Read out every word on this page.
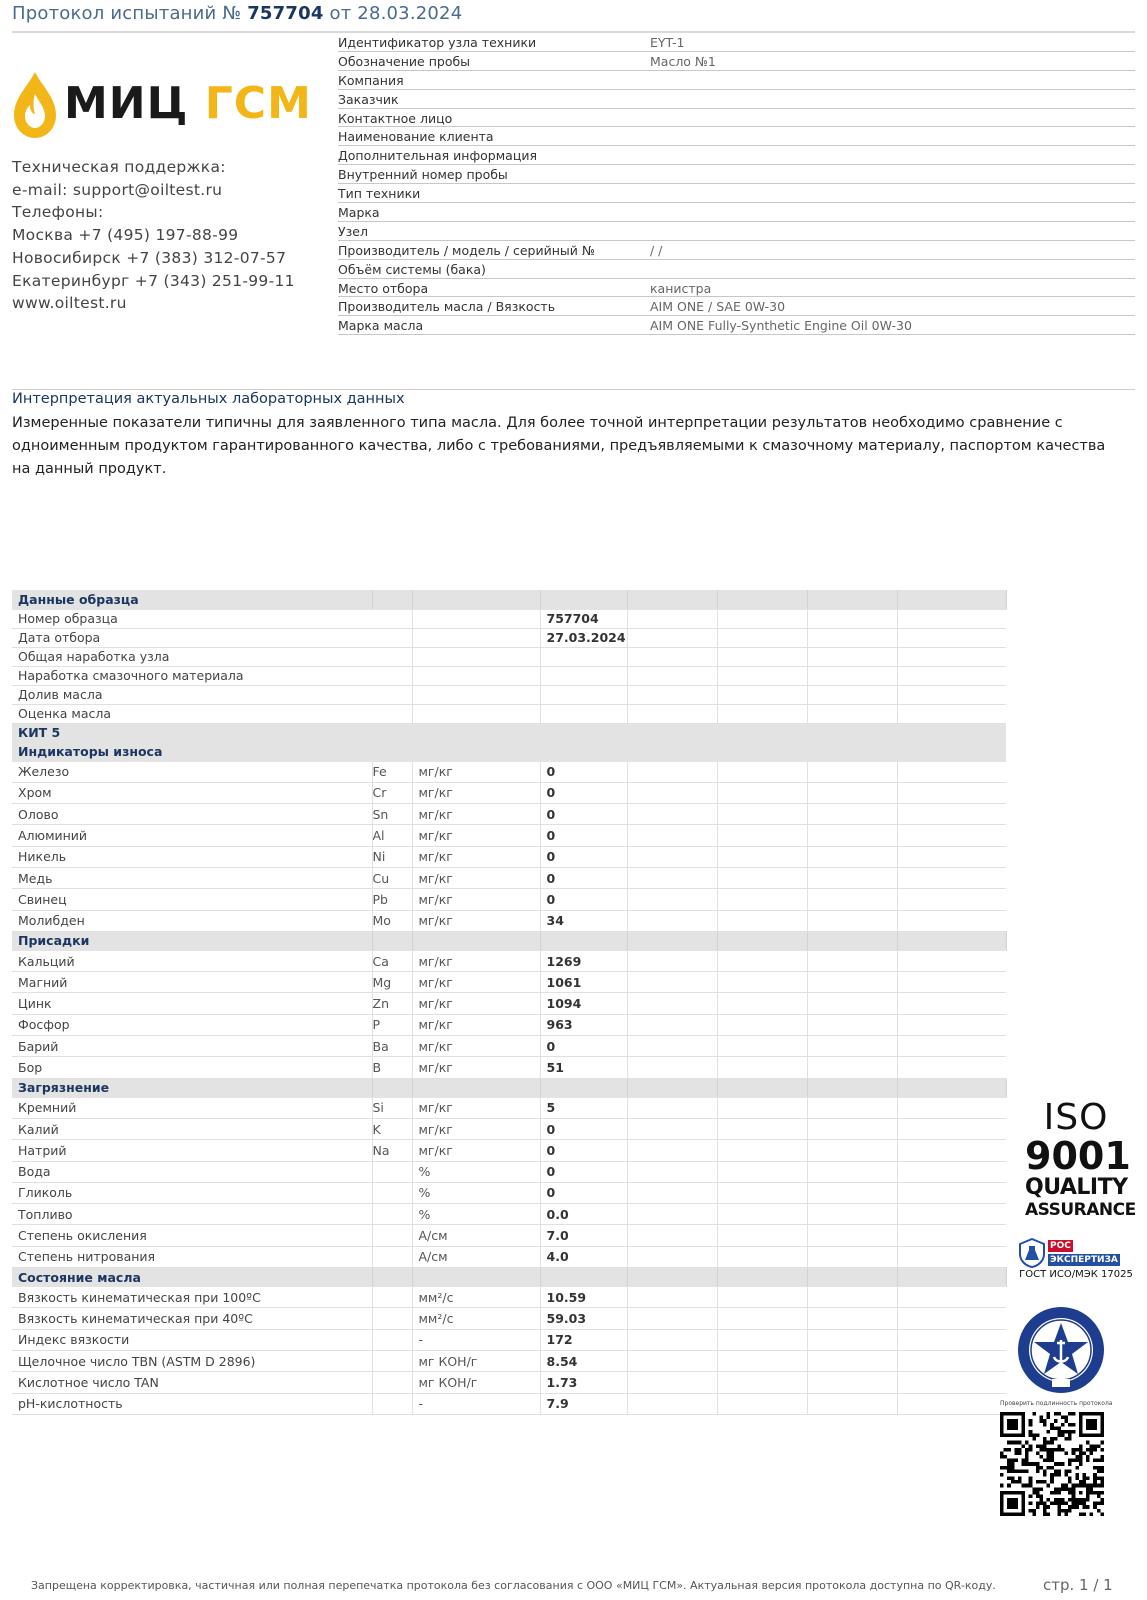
Протокол испытаний № 757704 от 28.03.2024
МИЦ ГСМ
Техническая поддержка:
e-mail: support@oiltest.ru
Телефоны:
Москва +7 (495) 197-88-99
Новосибирск +7 (383) 312-07-57
Екатеринбург +7 (343) 251-99-11
www.oiltest.ru
Идентификатор узла техники	EYT-1
Обозначение пробы	Масло №1
Компания
Заказчик
Контактное лицо
Наименование клиента
Дополнительная информация
Внутренний номер пробы
Тип техники
Марка
Узел
Производитель / модель / серийный №	/ /
Объём системы (бака)
Место отбора	канистра
Производитель масла / Вязкость	AIM ONE / SAE 0W-30
Марка масла	AIM ONE Fully-Synthetic Engine Oil 0W-30
Интерпретация актуальных лабораторных данных
Измеренные показатели типичны для заявленного типа масла. Для более точной интерпретации результатов необходимо сравнение с одноименным продуктом гарантированного качества, либо с требованиями, предъявляемыми к смазочному материалу, паспортом качества на данный продукт.
Данные образца							
Номер образца			757704				
Дата отбора			27.03.2024				
Общая наработка узла							
Наработка смазочного материала							
Долив масла							
Оценка масла							
КИТ 5							
Индикаторы износа							
Железо	Fe	мг/кг	0				
Хром	Cr	мг/кг	0				
Олово	Sn	мг/кг	0				
Алюминий	Al	мг/кг	0				
Никель	Ni	мг/кг	0				
Медь	Cu	мг/кг	0				
Свинец	Pb	мг/кг	0				
Молибден	Mo	мг/кг	34				
Присадки							
Кальций	Ca	мг/кг	1269				
Магний	Mg	мг/кг	1061				
Цинк	Zn	мг/кг	1094				
Фосфор	P	мг/кг	963				
Барий	Ba	мг/кг	0				
Бор	B	мг/кг	51				
Загрязнение							
Кремний	Si	мг/кг	5				
Калий	K	мг/кг	0				
Натрий	Na	мг/кг	0				
Вода		%	0				
Гликоль		%	0				
Топливо		%	0.0				
Степень окисления		А/см	7.0				
Степень нитрования		А/см	4.0				
Состояние масла							
Вязкость кинематическая при 100ºС		мм²/с	10.59				
Вязкость кинематическая при 40ºС		мм²/с	59.03				
Индекс вязкости		-	172				
Щелочное число TBN (ASTM D 2896)		мг КОН/г	8.54				
Кислотное число TAN		мг КОН/г	1.73				
pH-кислотность		-	7.9				
ISO
9001
QUALITY
ASSURANCE
РОС
ЭКСПЕРТИЗА
ГОСТ ИСО/МЭК 17025
Проверить подлинность протокола
Запрещена корректировка, частичная или полная перепечатка протокола без согласования с ООО «МИЦ ГСМ». Актуальная версия протокола доступна по QR-коду.	стр. 1 / 1
